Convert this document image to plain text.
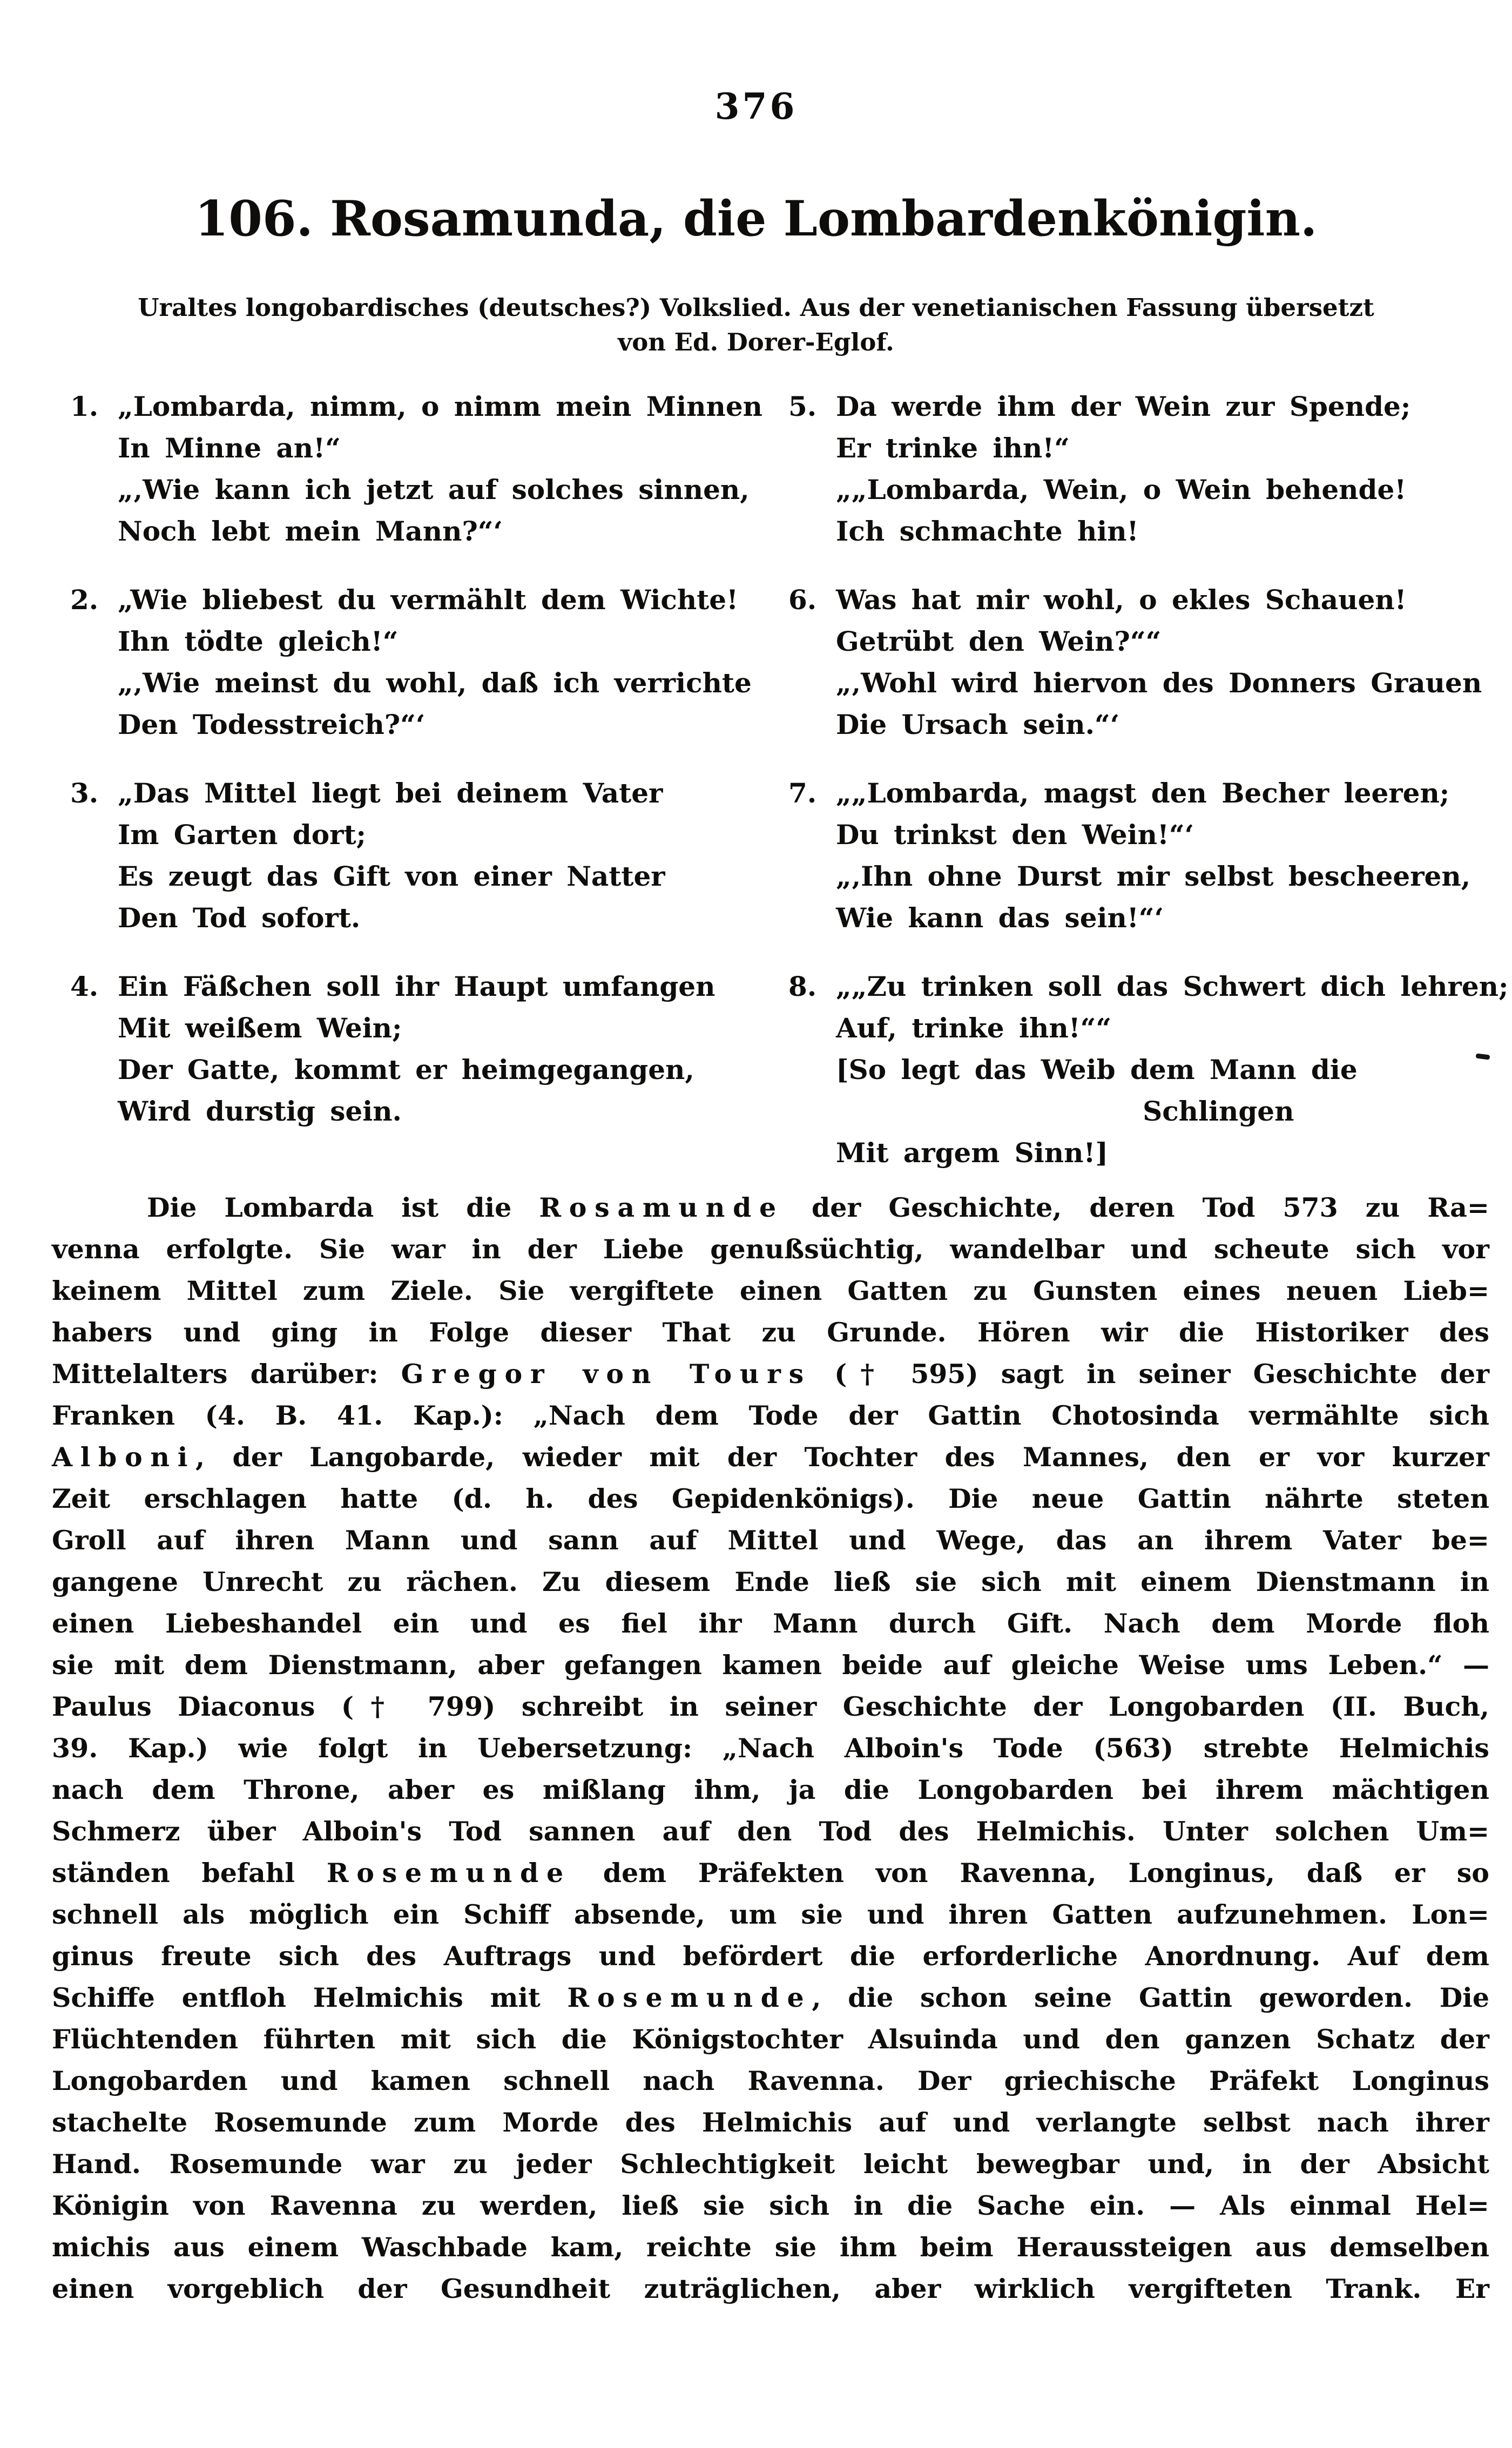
376
106. Rosamunda, die Lombardenkönigin.
Uraltes longobardisches (deutsches?) Volkslied. Aus der venetianischen Fassung übersetzt
von Ed. Dorer-Eglof.
1. „Lombarda, nimm, o nimm mein Minnen
In Minne an!“
„‚Wie kann ich jetzt auf solches sinnen,
Noch lebt mein Mann?“‘
2. „Wie bliebest du vermählt dem Wichte!
Ihn tödte gleich!“
„‚Wie meinst du wohl, daß ich verrichte
Den Todesstreich?“‘
3. „Das Mittel liegt bei deinem Vater
Im Garten dort;
Es zeugt das Gift von einer Natter
Den Tod sofort.
4. Ein Fäßchen soll ihr Haupt umfangen
Mit weißem Wein;
Der Gatte, kommt er heimgegangen,
Wird durstig sein.
5. Da werde ihm der Wein zur Spende;
Er trinke ihn!“
„„Lombarda, Wein, o Wein behende!
Ich schmachte hin!
6. Was hat mir wohl, o ekles Schauen!
Getrübt den Wein?““
„‚Wohl wird hiervon des Donners Grauen
Die Ursach sein.“‘
7. „„Lombarda, magst den Becher leeren;
Du trinkst den Wein!“‘
„‚Ihn ohne Durst mir selbst bescheeren,
Wie kann das sein!“‘
8. „„Zu trinken soll das Schwert dich lehren;
Auf, trinke ihn!““
[So legt das Weib dem Mann die
Schlingen
Mit argem Sinn!]
Die Lombarda ist die Rosamunde der Geschichte, deren Tod 573 zu Ra=
venna erfolgte. Sie war in der Liebe genußsüchtig, wandelbar und scheute sich vor
keinem Mittel zum Ziele. Sie vergiftete einen Gatten zu Gunsten eines neuen Lieb=
habers und ging in Folge dieser That zu Grunde. Hören wir die Historiker des
Mittelalters darüber: Gregor von Tours († 595) sagt in seiner Geschichte der
Franken (4. B. 41. Kap.): „Nach dem Tode der Gattin Chotosinda vermählte sich
Alboni, der Langobarde, wieder mit der Tochter des Mannes, den er vor kurzer
Zeit erschlagen hatte (d. h. des Gepidenkönigs). Die neue Gattin nährte steten
Groll auf ihren Mann und sann auf Mittel und Wege, das an ihrem Vater be=
gangene Unrecht zu rächen. Zu diesem Ende ließ sie sich mit einem Dienstmann in
einen Liebeshandel ein und es fiel ihr Mann durch Gift. Nach dem Morde floh
sie mit dem Dienstmann, aber gefangen kamen beide auf gleiche Weise ums Leben.“ —
Paulus Diaconus († 799) schreibt in seiner Geschichte der Longobarden (II. Buch,
39. Kap.) wie folgt in Uebersetzung: „Nach Alboin's Tode (563) strebte Helmichis
nach dem Throne, aber es mißlang ihm, ja die Longobarden bei ihrem mächtigen
Schmerz über Alboin's Tod sannen auf den Tod des Helmichis. Unter solchen Um=
ständen befahl Rosemunde dem Präfekten von Ravenna, Longinus, daß er so
schnell als möglich ein Schiff absende, um sie und ihren Gatten aufzunehmen. Lon=
ginus freute sich des Auftrags und befördert die erforderliche Anordnung. Auf dem
Schiffe entfloh Helmichis mit Rosemunde, die schon seine Gattin geworden. Die
Flüchtenden führten mit sich die Königstochter Alsuinda und den ganzen Schatz der
Longobarden und kamen schnell nach Ravenna. Der griechische Präfekt Longinus
stachelte Rosemunde zum Morde des Helmichis auf und verlangte selbst nach ihrer
Hand. Rosemunde war zu jeder Schlechtigkeit leicht bewegbar und, in der Absicht
Königin von Ravenna zu werden, ließ sie sich in die Sache ein. — Als einmal Hel=
michis aus einem Waschbade kam, reichte sie ihm beim Heraussteigen aus demselben
einen vorgeblich der Gesundheit zuträglichen, aber wirklich vergifteten Trank. Er
